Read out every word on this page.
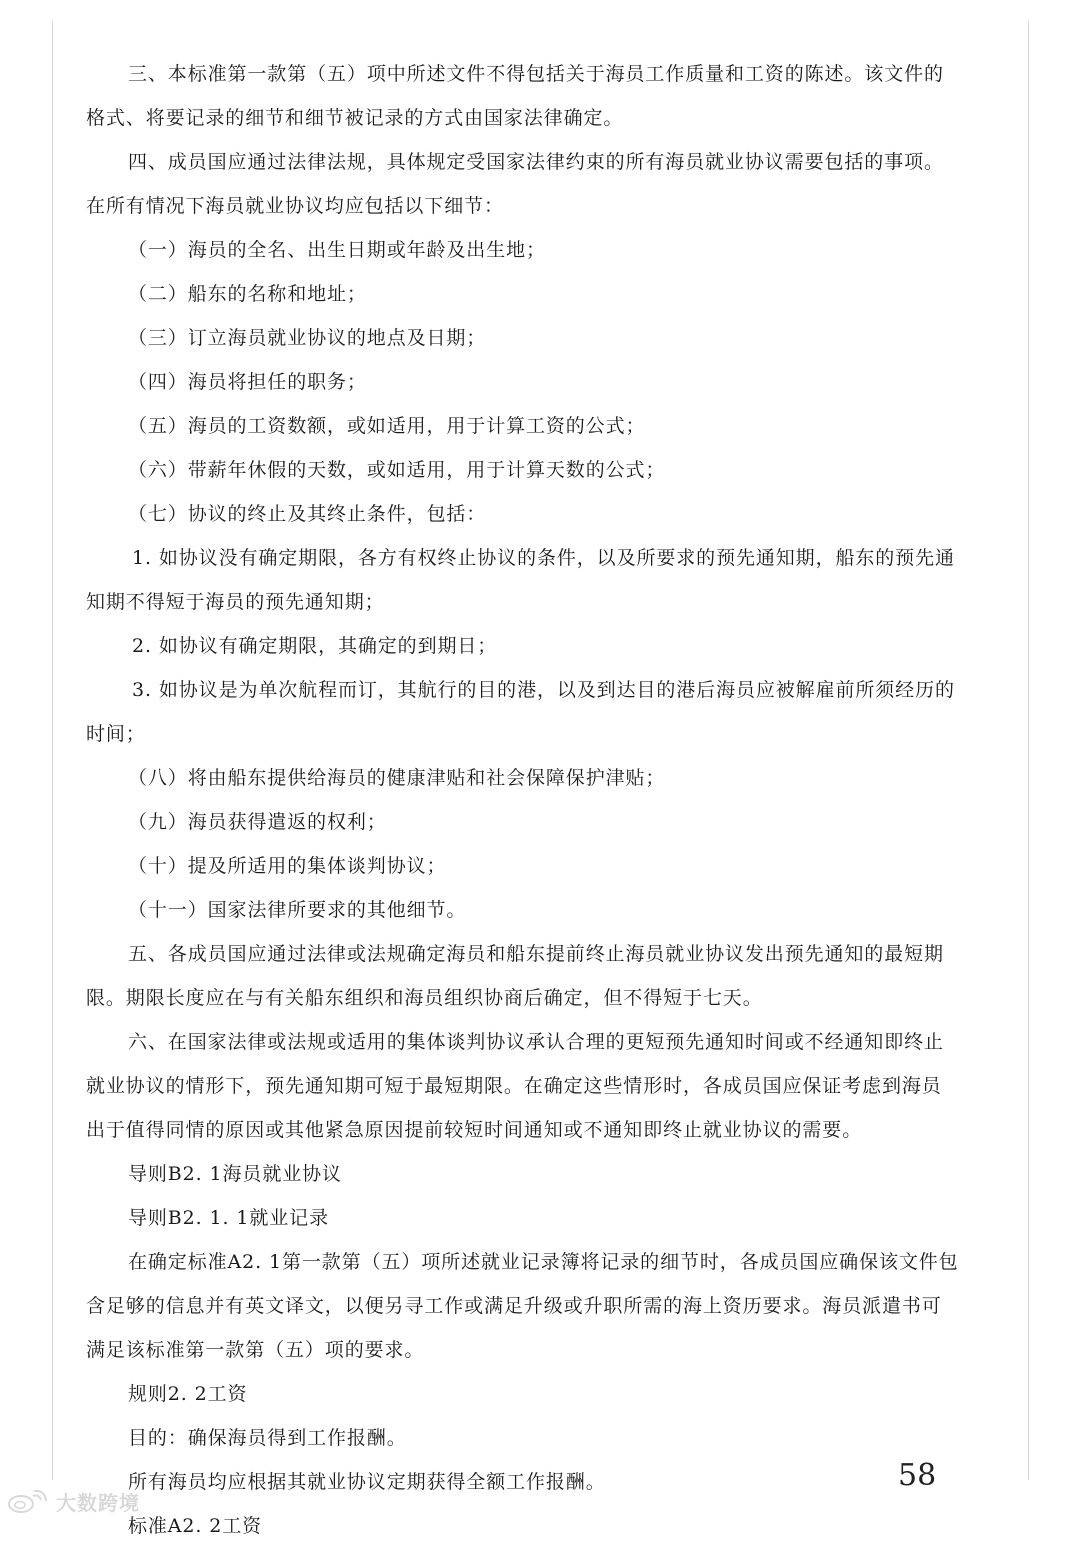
三、本标准第一款第（五）项中所述文件不得包括关于海员工作质量和工资的陈述。该文件的
格式、将要记录的细节和细节被记录的方式由国家法律确定。
四、成员国应通过法律法规，具体规定受国家法律约束的所有海员就业协议需要包括的事项。
在所有情况下海员就业协议均应包括以下细节：
（一）海员的全名、出生日期或年龄及出生地；
（二）船东的名称和地址；
（三）订立海员就业协议的地点及日期；
（四）海员将担任的职务；
（五）海员的工资数额，或如适用，用于计算工资的公式；
（六）带薪年休假的天数，或如适用，用于计算天数的公式；
（七）协议的终止及其终止条件，包括：
1. 如协议没有确定期限，各方有权终止协议的条件，以及所要求的预先通知期，船东的预先通
知期不得短于海员的预先通知期；
2. 如协议有确定期限，其确定的到期日；
3. 如协议是为单次航程而订，其航行的目的港，以及到达目的港后海员应被解雇前所须经历的
时间；
（八）将由船东提供给海员的健康津贴和社会保障保护津贴；
（九）海员获得遣返的权利；
（十）提及所适用的集体谈判协议；
（十一）国家法律所要求的其他细节。
五、各成员国应通过法律或法规确定海员和船东提前终止海员就业协议发出预先通知的最短期
限。期限长度应在与有关船东组织和海员组织协商后确定，但不得短于七天。
六、在国家法律或法规或适用的集体谈判协议承认合理的更短预先通知时间或不经通知即终止
就业协议的情形下，预先通知期可短于最短期限。在确定这些情形时，各成员国应保证考虑到海员
出于值得同情的原因或其他紧急原因提前较短时间通知或不通知即终止就业协议的需要。
导则B2. 1海员就业协议
导则B2. 1. 1就业记录
在确定标准A2. 1第一款第（五）项所述就业记录簿将记录的细节时，各成员国应确保该文件包
含足够的信息并有英文译文，以便另寻工作或满足升级或升职所需的海上资历要求。海员派遣书可
满足该标准第一款第（五）项的要求。
规则2. 2工资
目的：确保海员得到工作报酬。
所有海员均应根据其就业协议定期获得全额工作报酬。
标准A2. 2工资
58
大数跨境
